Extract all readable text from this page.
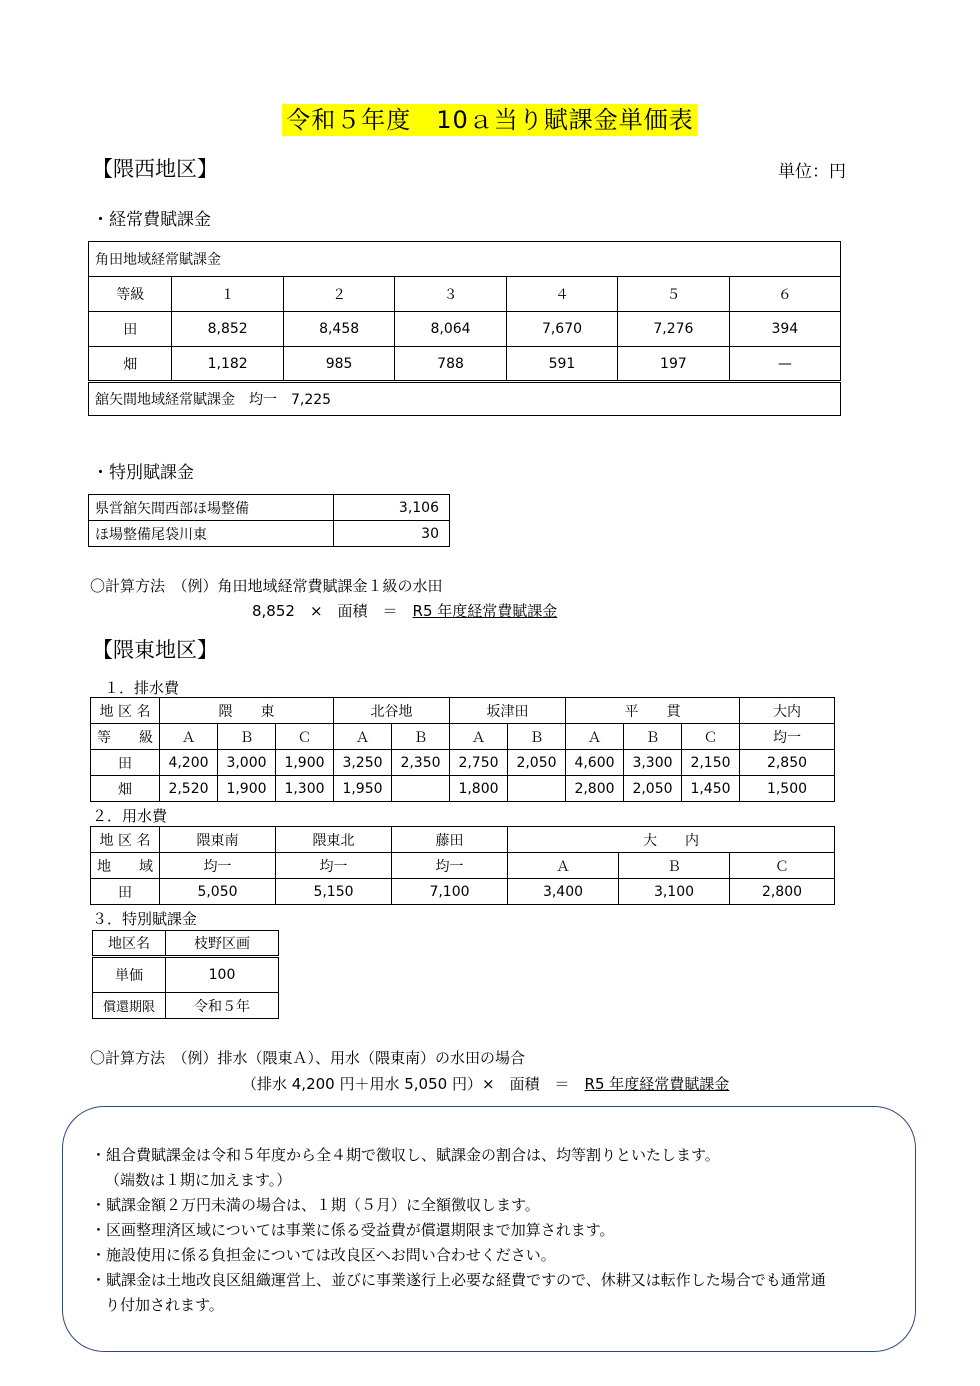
令和５年度　10ａ当り賦課金単価表
【隈西地区】	単位：円
・経常費賦課金
角田地域経常賦課金						
等級	１	２	３	４	５	６
田	8,852	8,458	8,064	7,670	7,276	394
畑	1,182	985	788	591	197	—
舘矢間地域経常賦課金　均一　7,225						
・特別賦課金
県営舘矢間西部ほ場整備	3,106
ほ場整備尾袋川東	30
〇計算方法　（例）角田地域経常費賦課金１級の水田
8,852　×　面積　＝　R5 年度経常費賦課金
【隈東地区】
１．排水費
地 区 名	隈　　東			北谷地		坂津田		平　　貫			大内
等　　級	Ａ	Ｂ	Ｃ	Ａ	Ｂ	Ａ	Ｂ	Ａ	Ｂ	Ｃ	均一
田	4,200	3,000	1,900	3,250	2,350	2,750	2,050	4,600	3,300	2,150	2,850
畑	2,520	1,900	1,300	1,950		1,800		2,800	2,050	1,450	1,500
２．用水費
地 区 名	隈東南	隈東北	藤田	大　　内		
地　　域	均一	均一	均一	Ａ	Ｂ	Ｃ
田	5,050	5,150	7,100	3,400	3,100	2,800
３．特別賦課金
地区名	枝野区画
単価	100
償還期限	令和５年
〇計算方法　（例）排水（隈東Ａ）、用水（隈東南）の水田の場合
（排水 4,200 円＋用水 5,050 円）×　面積　＝　R5 年度経常費賦課金

・組合費賦課金は令和５年度から全４期で徴収し、賦課金の割合は、均等割りといたします。

（端数は１期に加えます。）

・賦課金額２万円未満の場合は、１期（５月）に全額徴収します。

・区画整理済区域については事業に係る受益費が償還期限まで加算されます。

・施設使用に係る負担金については改良区へお問い合わせください。

・賦課金は土地改良区組織運営上、並びに事業遂行上必要な経費ですので、休耕又は転作した場合でも通常通

り付加されます。
